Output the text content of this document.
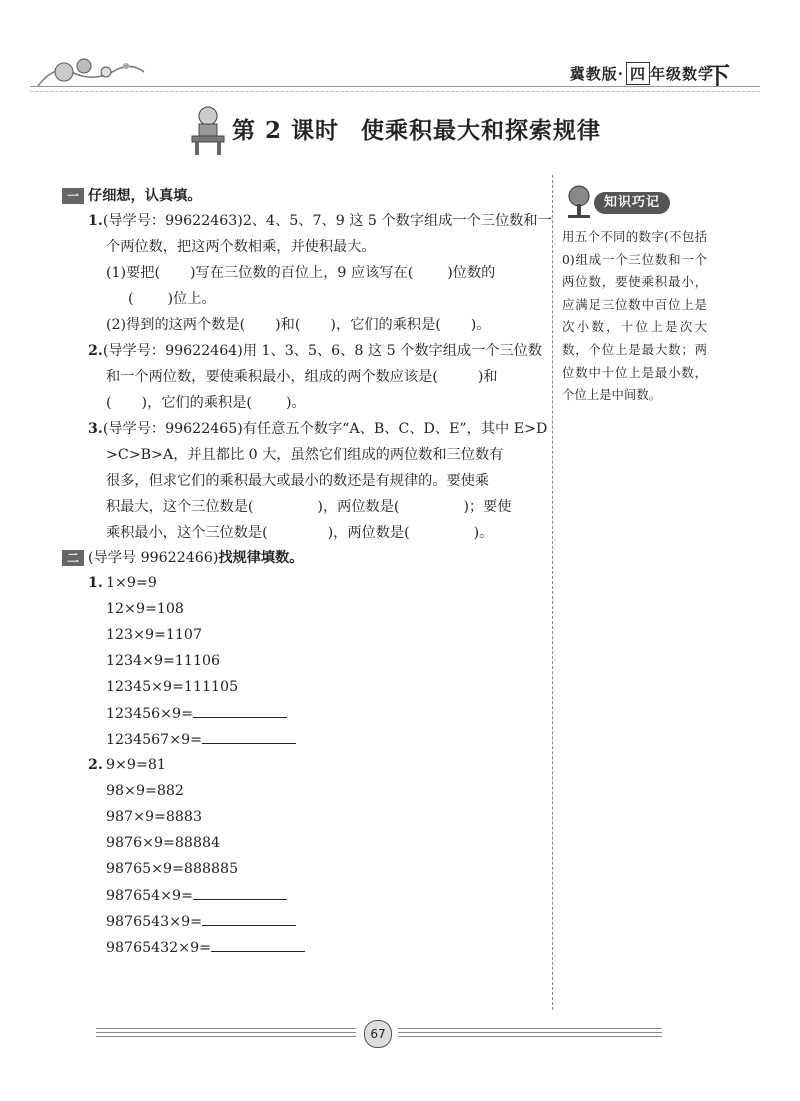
冀教版· 四 年级数学
下
第 2 课时 使乘积最大和探索规律
一 仔细想，认真填。
1.(导学号：99622463)2、4、5、7、9 这 5 个数字组成一个三位数和一
个两位数，把这两个数相乘，并使积最大。
(1)要把( )写在三位数的百位上，9 应该写在( )位数的
( )位上。
(2)得到的这两个数是( )和( )，它们的乘积是( )。
2.(导学号：99622464)用 1、3、5、6、8 这 5 个数字组成一个三位数
和一个两位数，要使乘积最小，组成的两个数应该是(	)和
( )，它们的乘积是( )。
3.(导学号：99622465)有任意五个数字“A、B、C、D、E”，其中 E>D
>C>B>A，并且都比 0 大，虽然它们组成的两位数和三位数有
很多，但求它们的乘积最大或最小的数还是有规律的。要使乘
积最大，这个三位数是(	)，两位数是(	)；要使
乘积最小，这个三位数是(	)，两位数是(	)。
二 (导学号 99622466)找规律填数。
1. 1×9=9
12×9=108
123×9=1107
1234×9=11106
12345×9=111105
123456×9=
1234567×9=
2. 9×9=81
98×9=882
987×9=8883
9876×9=88884
98765×9=888885
987654×9=
9876543×9=
98765432×9=
知识巧记
用五个不同的数字(不包括 0)组成一个三位数和一个两位数，要使乘积最小，应满足三位数中百位上是次小数，十位上是次大数，个位上是最大数；两位数中十位上是最小数，个位上是中间数。
67
